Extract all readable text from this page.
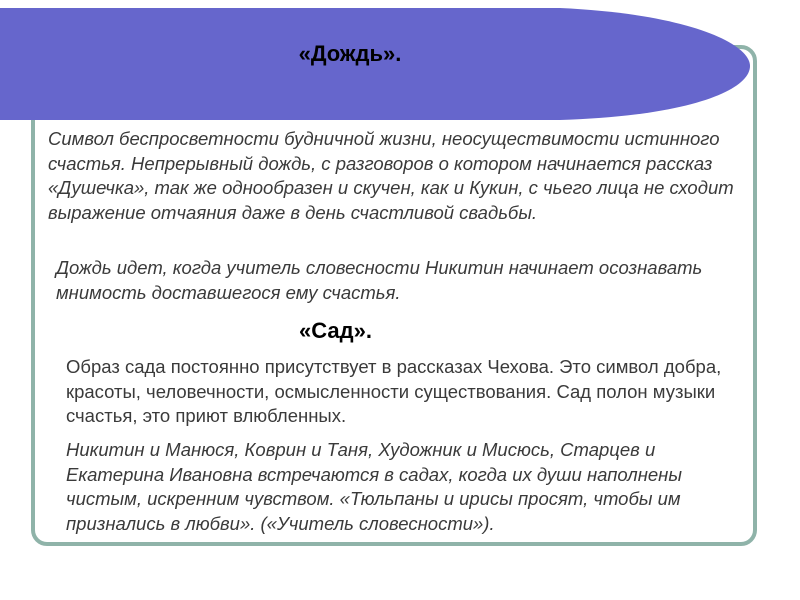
«Дождь».

Символ беспросветности будничной жизни, неосуществимости истинного счастья. Непрерывный дождь, с разговоров о котором начинается рассказ «Душечка», так же однообразен и скучен, как и Кукин, с чьего лица не сходит выражение отчаяния даже в день счастливой свадьбы.

Дождь идет, когда учитель словесности Никитин начинает осознавать мнимость доставшегося ему счастья.

«Сад».

Образ сада постоянно присутствует в рассказах Чехова. Это символ добра, красоты, человечности, осмысленности существования. Сад полон музыки счастья, это приют влюбленных.

Никитин и Манюся, Коврин и Таня, Художник и Мисюсь, Старцев и Екатерина Ивановна встречаются в садах, когда их души наполнены чистым, искренним чувством. «Тюльпаны и ирисы просят, чтобы им признались в любви». («Учитель словесности»).
